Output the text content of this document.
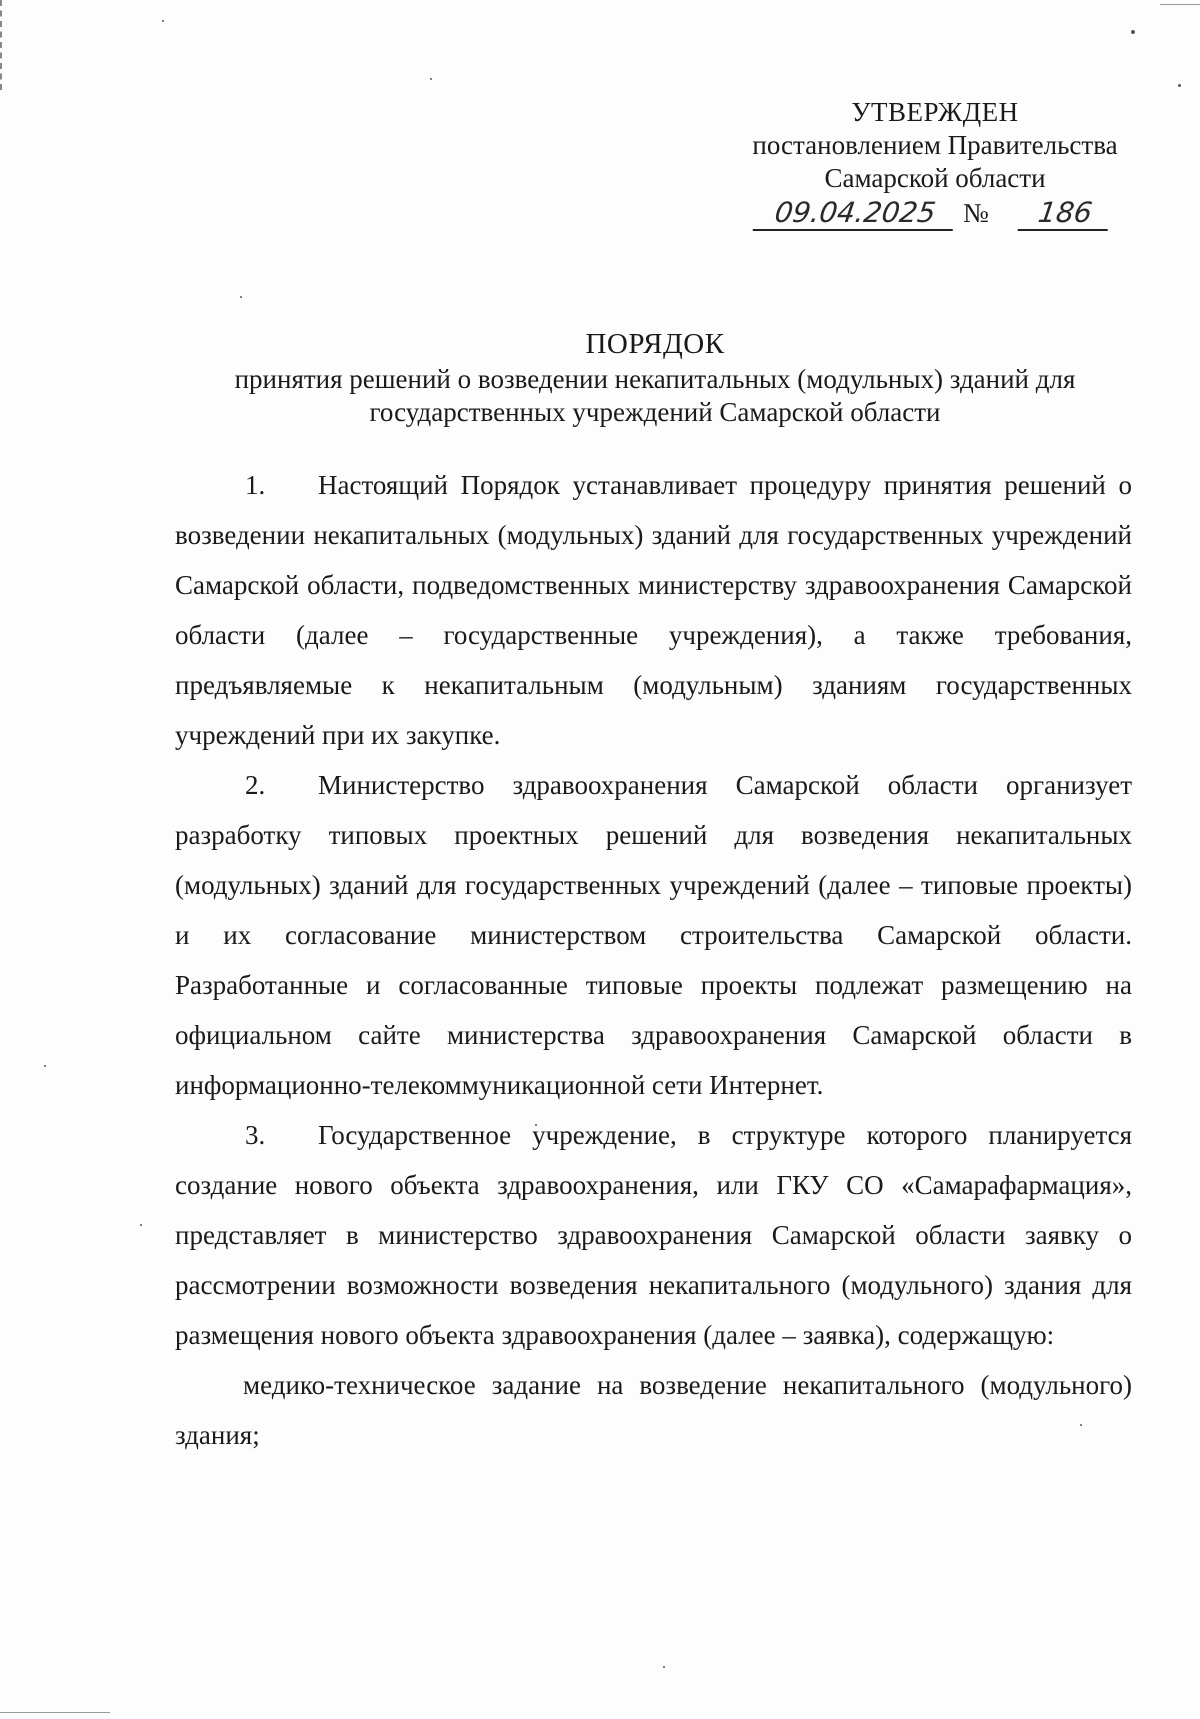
УТВЕРЖДЕН
постановлением Правительства
Самарской области
09.04.2025 №	186
ПОРЯДОК
принятия решений о возведении некапитальных (модульных) зданий для государственных учреждений Самарской области

1. Настоящий Порядок устанавливает процедуру принятия решений о возведении некапитальных (модульных) зданий для государственных учреждений Самарской области, подведомственных министерству здравоохранения Самарской области (далее – государственные учреждения), а также требования, предъявляемые к некапитальным (модульным) зданиям государственных учреждений при их закупке.

2. Министерство здравоохранения Самарской области организует разработку типовых проектных решений для возведения некапитальных (модульных) зданий для государственных учреждений (далее – типовые проекты) и их согласование министерством строительства Самарской области. Разработанные и согласованные типовые проекты подлежат размещению на официальном сайте министерства здравоохранения Самарской области в информационно-телекоммуникационной сети Интернет.

3. Государственное учреждение, в структуре которого планируется создание нового объекта здравоохранения, или ГКУ СО «Самарафармация», представляет в министерство здравоохранения Самарской области заявку о рассмотрении возможности возведения некапитального (модульного) здания для размещения нового объекта здравоохранения (далее – заявка), содержащую:

медико-техническое задание на возведение некапитального (модульного) здания;
